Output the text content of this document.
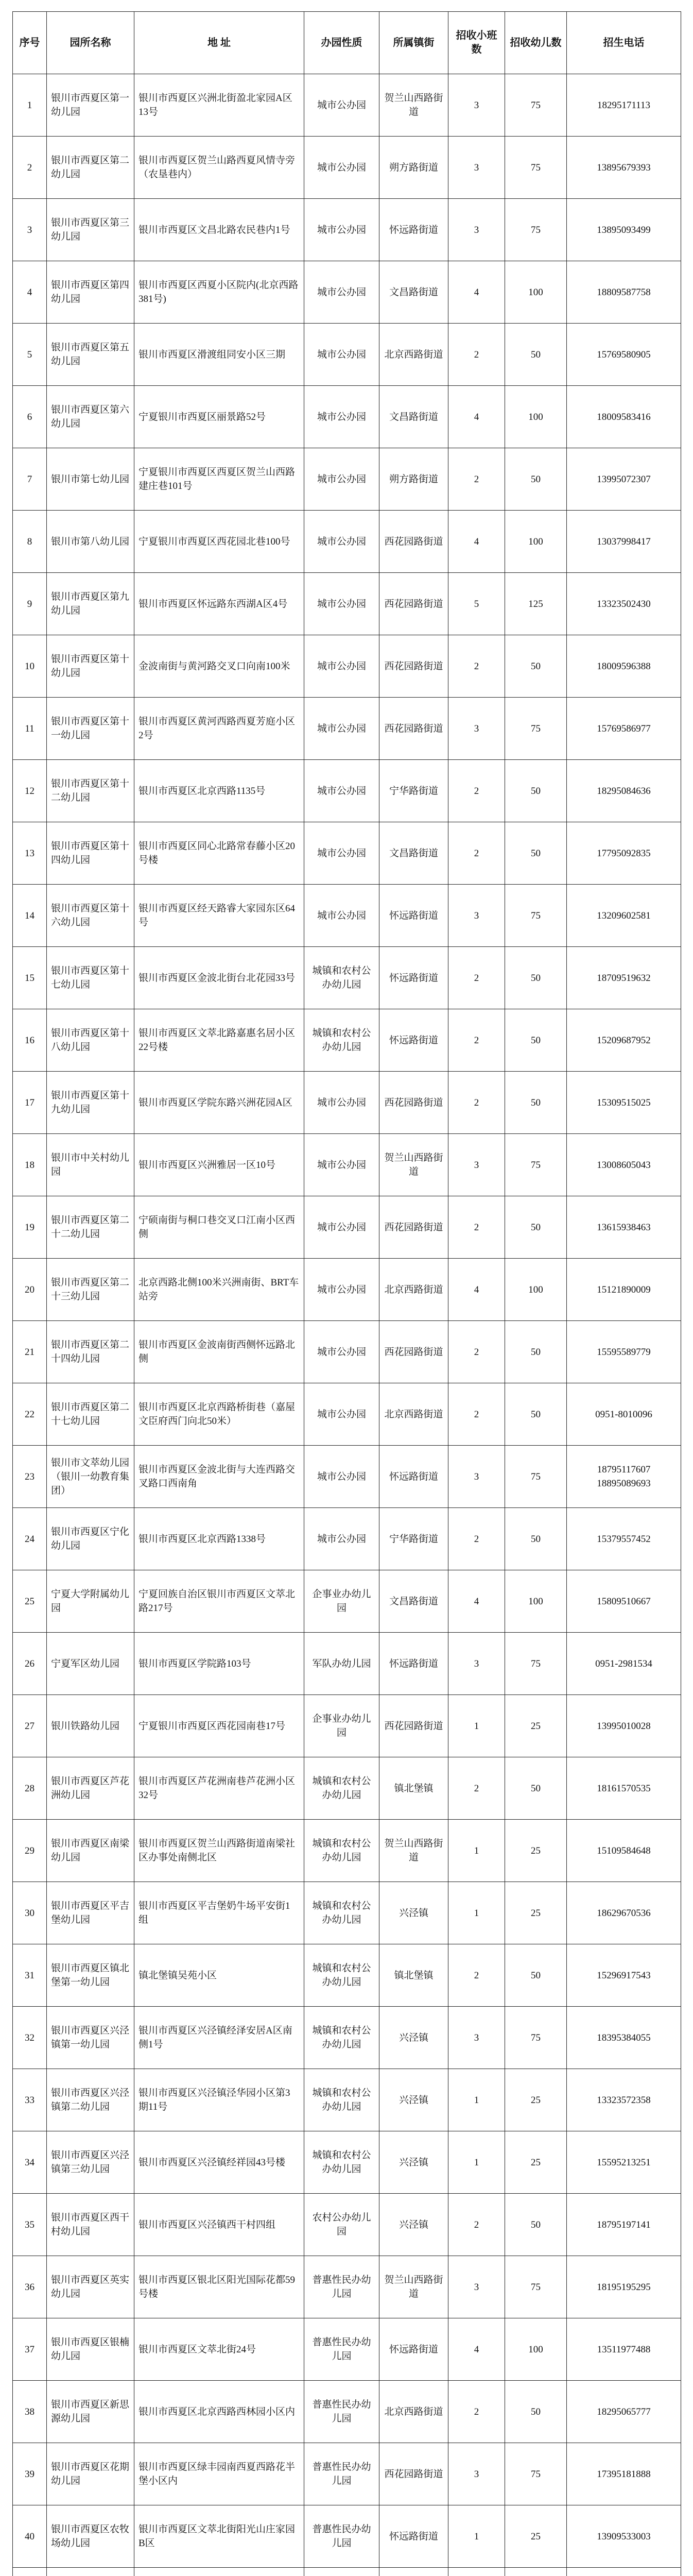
序号	园所名称	地 址	办园性质	所属镇街	招收小班数	招收幼儿数	招生电话
1	银川市西夏区第一幼儿园	银川市西夏区兴洲北街盈北家园A区13号	城市公办园	贺兰山西路街道	3	75	18295171113
2	银川市西夏区第二幼儿园	银川市西夏区贺兰山路西夏风情寺旁（农垦巷内）	城市公办园	朔方路街道	3	75	13895679393
3	银川市西夏区第三幼儿园	银川市西夏区文昌北路农民巷内1号	城市公办园	怀远路街道	3	75	13895093499
4	银川市西夏区第四幼儿园	银川市西夏区西夏小区院内(北京西路381号)	城市公办园	文昌路街道	4	100	18809587758
5	银川市西夏区第五幼儿园	银川市西夏区滑渡组同安小区三期	城市公办园	北京西路街道	2	50	15769580905
6	银川市西夏区第六幼儿园	宁夏银川市西夏区丽景路52号	城市公办园	文昌路街道	4	100	18009583416
7	银川市第七幼儿园	宁夏银川市西夏区西夏区贺兰山西路建庄巷101号	城市公办园	朔方路街道	2	50	13995072307
8	银川市第八幼儿园	宁夏银川市西夏区西花园北巷100号	城市公办园	西花园路街道	4	100	13037998417
9	银川市西夏区第九幼儿园	银川市西夏区怀远路东西湖A区4号	城市公办园	西花园路街道	5	125	13323502430
10	银川市西夏区第十幼儿园	金波南街与黄河路交叉口向南100米	城市公办园	西花园路街道	2	50	18009596388
11	银川市西夏区第十一幼儿园	银川市西夏区黄河西路西夏芳庭小区2号	城市公办园	西花园路街道	3	75	15769586977
12	银川市西夏区第十二幼儿园	银川市西夏区北京西路1135号	城市公办园	宁华路街道	2	50	18295084636
13	银川市西夏区第十四幼儿园	银川市西夏区同心北路常春藤小区20号楼	城市公办园	文昌路街道	2	50	17795092835
14	银川市西夏区第十六幼儿园	银川市西夏区经天路睿大家园东区64号	城市公办园	怀远路街道	3	75	13209602581
15	银川市西夏区第十七幼儿园	银川市西夏区金波北街台北花园33号	城镇和农村公办幼儿园	怀远路街道	2	50	18709519632
16	银川市西夏区第十八幼儿园	银川市西夏区文萃北路嘉惠名居小区22号楼	城镇和农村公办幼儿园	怀远路街道	2	50	15209687952
17	银川市西夏区第十九幼儿园	银川市西夏区学院东路兴洲花园A区	城市公办园	西花园路街道	2	50	15309515025
18	银川市中关村幼儿园	银川市西夏区兴洲雅居一区10号	城市公办园	贺兰山西路街道	3	75	13008605043
19	银川市西夏区第二十二幼儿园	宁硕南街与桐口巷交叉口江南小区西侧	城市公办园	西花园路街道	2	50	13615938463
20	银川市西夏区第二十三幼儿园	北京西路北侧100米兴洲南街、BRT车站旁	城市公办园	北京西路街道	4	100	15121890009
21	银川市西夏区第二十四幼儿园	银川市西夏区金波南街西侧怀远路北侧	城市公办园	西花园路街道	2	50	15595589779
22	银川市西夏区第二十七幼儿园	银川市西夏区北京西路桥街巷（嘉屋文臣府西门向北50米）	城市公办园	北京西路街道	2	50	0951-8010096
23	银川市文萃幼儿园（银川一幼教育集团）	银川市西夏区金波北街与大连西路交叉路口西南角	城市公办园	怀远路街道	3	75	18795117607 18895089693
24	银川市西夏区宁化幼儿园	银川市西夏区北京西路1338号	城市公办园	宁华路街道	2	50	15379557452
25	宁夏大学附属幼儿园	宁夏回族自治区银川市西夏区文萃北路217号	企事业办幼儿园	文昌路街道	4	100	15809510667
26	宁夏军区幼儿园	银川市西夏区学院路103号	军队办幼儿园	怀远路街道	3	75	0951-2981534
27	银川铁路幼儿园	宁夏银川市西夏区西花园南巷17号	企事业办幼儿园	西花园路街道	1	25	13995010028
28	银川市西夏区芦花洲幼儿园	银川市西夏区芦花洲南巷芦花洲小区32号	城镇和农村公办幼儿园	镇北堡镇	2	50	18161570535
29	银川市西夏区南梁幼儿园	银川市西夏区贺兰山西路街道南梁社区办事处南侧北区	城镇和农村公办幼儿园	贺兰山西路街道	1	25	15109584648
30	银川市西夏区平吉堡幼儿园	银川市西夏区平吉堡奶牛场平安街1组	城镇和农村公办幼儿园	兴泾镇	1	25	18629670536
31	银川市西夏区镇北堡第一幼儿园	镇北堡镇吴苑小区	城镇和农村公办幼儿园	镇北堡镇	2	50	15296917543
32	银川市西夏区兴泾镇第一幼儿园	银川市西夏区兴泾镇经泽安居A区南侧1号	城镇和农村公办幼儿园	兴泾镇	3	75	18395384055
33	银川市西夏区兴泾镇第二幼儿园	银川市西夏区兴泾镇泾华园小区第3期11号	城镇和农村公办幼儿园	兴泾镇	1	25	13323572358
34	银川市西夏区兴泾镇第三幼儿园	银川市西夏区兴泾镇经祥园43号楼	城镇和农村公办幼儿园	兴泾镇	1	25	15595213251
35	银川市西夏区西干村幼儿园	银川市西夏区兴泾镇西干村四组	农村公办幼儿园	兴泾镇	2	50	18795197141
36	银川市西夏区英实幼儿园	银川市西夏区银北区阳光国际花都59号楼	普惠性民办幼儿园	贺兰山西路街道	3	75	18195195295
37	银川市西夏区银楠幼儿园	银川市西夏区文萃北街24号	普惠性民办幼儿园	怀远路街道	4	100	13511977488
38	银川市西夏区新思源幼儿园	银川市西夏区北京西路西林园小区内	普惠性民办幼儿园	北京西路街道	2	50	18295065777
39	银川市西夏区花期幼儿园	银川市西夏区绿丰园南西夏西路花半堡小区内	普惠性民办幼儿园	西花园路街道	3	75	17395181888
40	银川市西夏区农牧场幼儿园	银川市西夏区文萃北街阳光山庄家园B区	普惠性民办幼儿园	怀远路街道	1	25	13909533003
